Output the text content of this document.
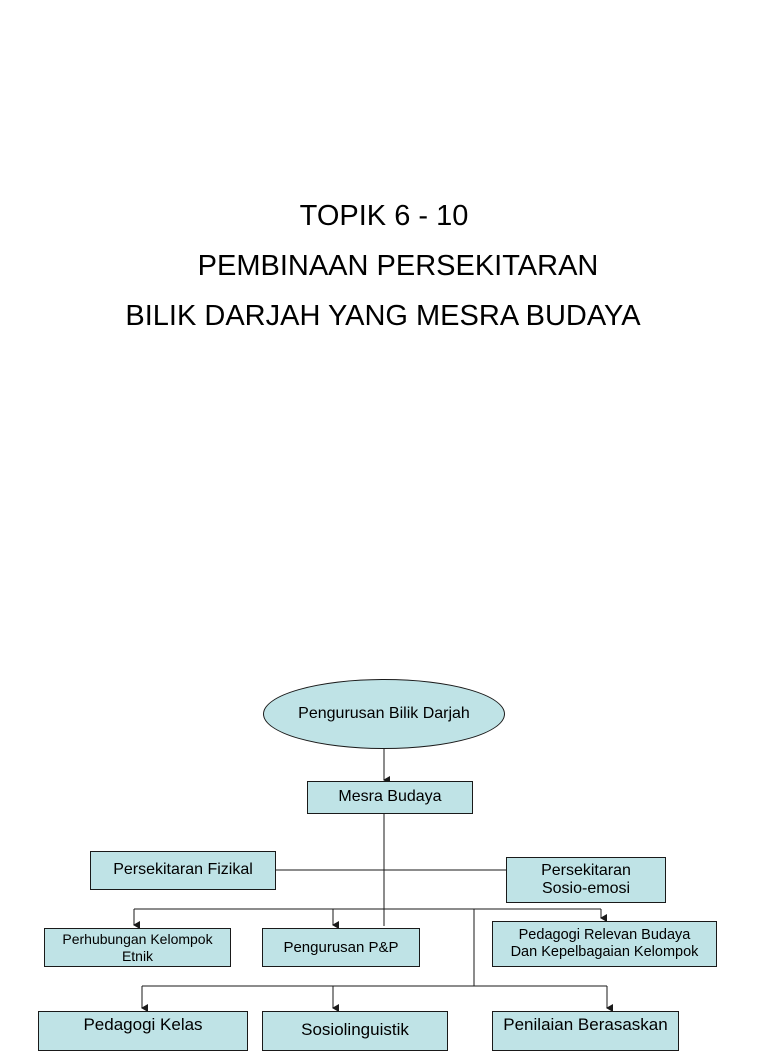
TOPIK 6 - 10
PEMBINAAN PERSEKITARAN
BILIK DARJAH YANG MESRA BUDAYA
Pengurusan Bilik Darjah
Mesra Budaya
Persekitaran Fizikal	Persekitaran
Sosio-emosi
Perhubungan Kelompok
Etnik	Pengurusan P&P
Pedagogi Relevan Budaya
Dan Kepelbagaian Kelompok
Pedagogi Kelas	Sosiolinguistik	Penilaian Berasaskan
